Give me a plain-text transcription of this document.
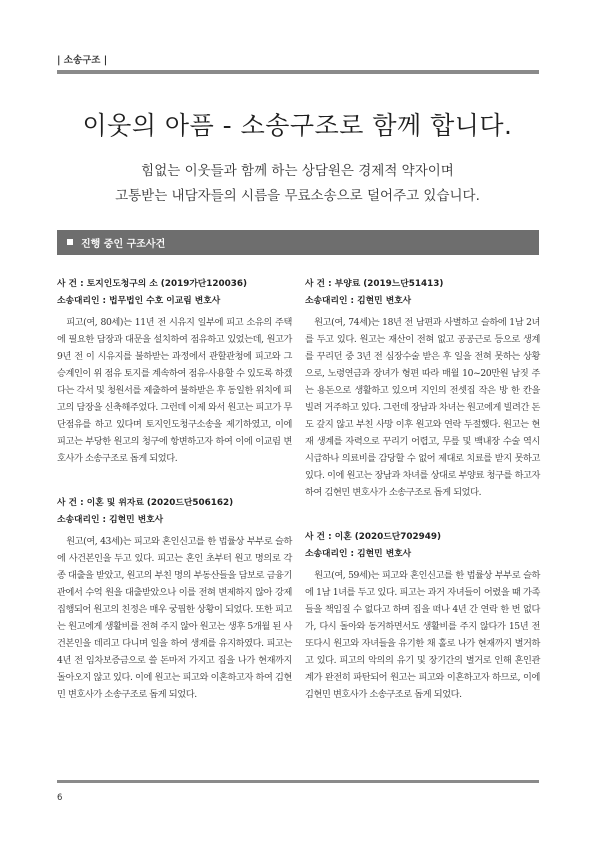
| 소송구조 |
이웃의 아픔 - 소송구조로 함께 합니다.
힘없는 이웃들과 함께 하는 상담원은 경제적 약자이며
고통받는 내담자들의 시름을 무료소송으로 덜어주고 있습니다.
진행 중인 구조사건
사 건 : 토지인도청구의 소 (2019가단120036)
소송대리인 : 법무법인 수호 이교림 변호사

피고(여, 80세)는 11년 전 시유지 일부에 피고 소유의 주택에 필요한 담장과 대문을 설치하여 점유하고 있었는데, 원고가 9년 전 이 시유지를 불하받는 과정에서 관할관청에 피고와 그 승계인이 위 점유 토지를 계속하여 점유·사용할 수 있도록 하겠다는 각서 및 청원서를 제출하여 불하받은 후 동일한 위치에 피고의 담장을 신축해주었다. 그런데 이제 와서 원고는 피고가 무단점유를 하고 있다며 토지인도청구소송을 제기하였고, 이에 피고는 부당한 원고의 청구에 항변하고자 하여 이에 이교림 변호사가 소송구조로 돕게 되었다.

사 건 : 이혼 및 위자료 (2020드단506162)
소송대리인 : 김현민 변호사

원고(여, 43세)는 피고와 혼인신고를 한 법률상 부부로 슬하에 사건본인을 두고 있다. 피고는 혼인 초부터 원고 명의로 각종 대출을 받았고, 원고의 부친 명의 부동산들을 담보로 금융기관에서 수억 원을 대출받았으나 이를 전혀 변제하지 않아 강제집행되어 원고의 친정은 매우 궁핍한 상황이 되었다. 또한 피고는 원고에게 생활비를 전혀 주지 않아 원고는 생후 5개월 된 사건본인을 데리고 다니며 일을 하여 생계를 유지하였다. 피고는 4년 전 임차보증금으로 쓸 돈마저 가지고 집을 나가 현재까지 돌아오지 않고 있다. 이에 원고는 피고와 이혼하고자 하여 김현민 변호사가 소송구조로 돕게 되었다.

사 건 : 부양료 (2019느단51413)
소송대리인 : 김현민 변호사

원고(여, 74세)는 18년 전 남편과 사별하고 슬하에 1남 2녀를 두고 있다. 원고는 재산이 전혀 없고 공공근로 등으로 생계를 꾸리던 중 3년 전 심장수술 받은 후 일을 전혀 못하는 상황으로, 노령연금과 장녀가 형편 따라 매월 10~20만원 남짓 주는 용돈으로 생활하고 있으며 지인의 전셋집 작은 방 한 칸을 빌려 거주하고 있다. 그런데 장남과 차녀는 원고에게 빌려간 돈도 갚지 않고 부친 사망 이후 원고와 연락 두절했다. 원고는 현재 생계를 자력으로 꾸리기 어렵고, 무릎 및 백내장 수술 역시 시급하나 의료비를 감당할 수 없어 제대로 치료를 받지 못하고 있다. 이에 원고는 장남과 차녀를 상대로 부양료 청구를 하고자 하여 김현민 변호사가 소송구조로 돕게 되었다.

사 건 : 이혼 (2020드단702949)
소송대리인 : 김현민 변호사

원고(여, 59세)는 피고와 혼인신고를 한 법률상 부부로 슬하에 1남 1녀를 두고 있다. 피고는 과거 자녀들이 어렸을 때 가족들을 책임질 수 없다고 하며 집을 떠나 4년 간 연락 한 번 없다가, 다시 돌아와 동거하면서도 생활비를 주지 않다가 15년 전 또다시 원고와 자녀들을 유기한 채 홀로 나가 현재까지 별거하고 있다. 피고의 악의의 유기 및 장기간의 별거로 인해 혼인관계가 완전히 파탄되어 원고는 피고와 이혼하고자 하므로, 이에 김현민 변호사가 소송구조로 돕게 되었다.

6
